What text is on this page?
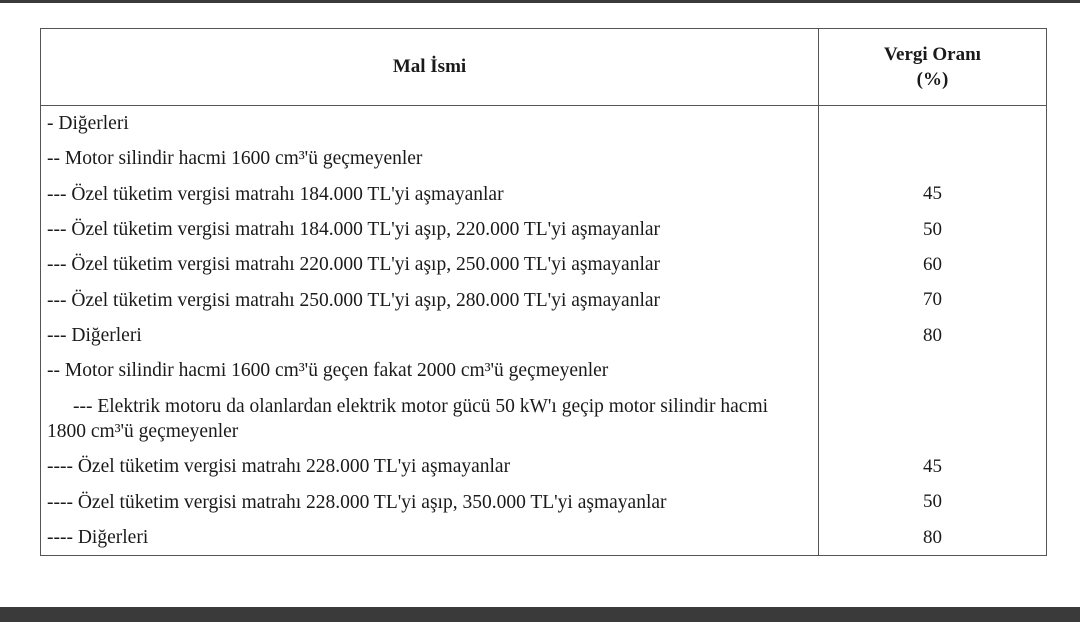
Mal İsmi	Vergi Oranı
(%)
- Diğerleri	
-- Motor silindir hacmi 1600 cm³'ü geçmeyenler	
--- Özel tüketim vergisi matrahı 184.000 TL'yi aşmayanlar	45
--- Özel tüketim vergisi matrahı 184.000 TL'yi aşıp, 220.000 TL'yi aşmayanlar	50
--- Özel tüketim vergisi matrahı 220.000 TL'yi aşıp, 250.000 TL'yi aşmayanlar	60
--- Özel tüketim vergisi matrahı 250.000 TL'yi aşıp, 280.000 TL'yi aşmayanlar	70
--- Diğerleri	80
-- Motor silindir hacmi 1600 cm³'ü geçen fakat 2000 cm³'ü geçmeyenler	
--- Elektrik motoru da olanlardan elektrik motor gücü 50 kW'ı geçip motor silindir hacmi 1800 cm³'ü geçmeyenler	
---- Özel tüketim vergisi matrahı 228.000 TL'yi aşmayanlar	45
---- Özel tüketim vergisi matrahı 228.000 TL'yi aşıp, 350.000 TL'yi aşmayanlar	50
---- Diğerleri	80
